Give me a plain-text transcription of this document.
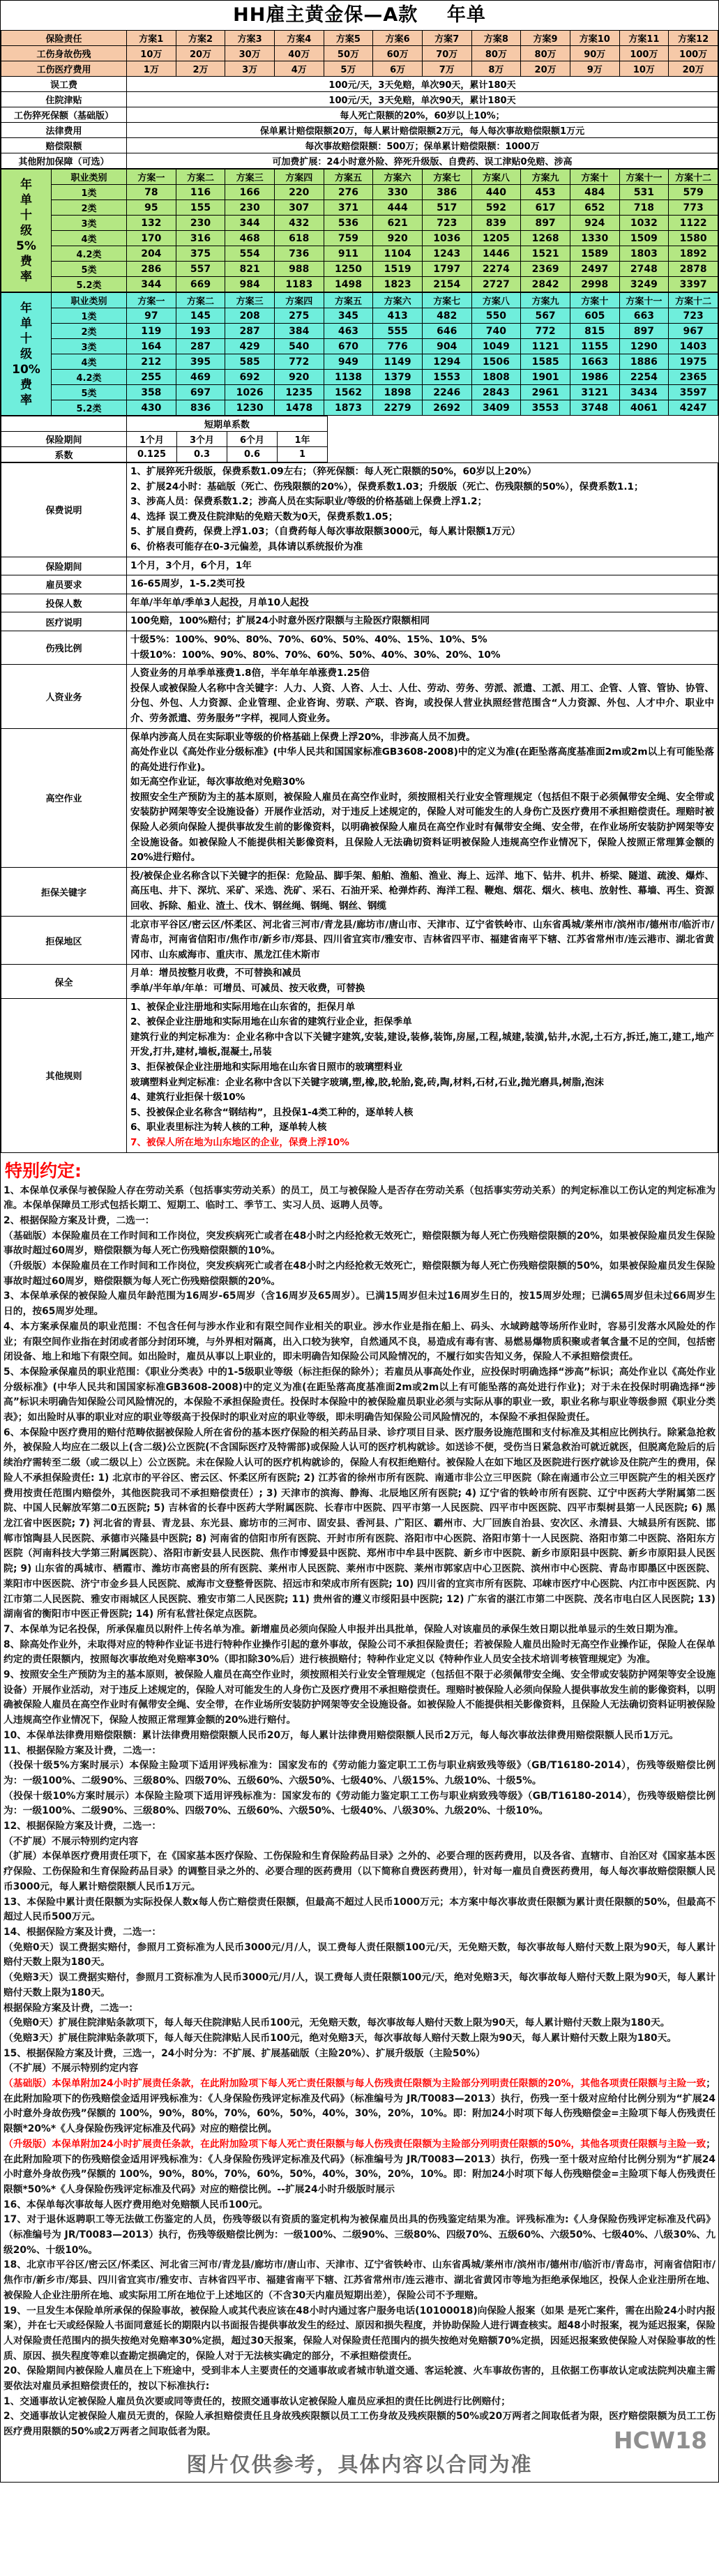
HH雇主黄金保—A款    年单
保险责任	方案1	方案2	方案3	方案4	方案5	方案6	方案7	方案8	方案9	方案10	方案11	方案12
工伤身故伤残	10万	20万	30万	40万	50万	60万	70万	80万	80万	90万	100万	100万
工伤医疗费用	1万	2万	3万	4万	5万	6万	7万	8万	20万	9万	10万	20万
误工费	100元/天，3天免赔，单次90天，累计180天											
住院津贴	100元/天，3天免赔，单次90天，累计180天											
工伤猝死保额（基础版）	每人死亡限额的20%，60岁以上10%；											
法律费用	保单累计赔偿限额20万，每人累计赔偿限额2万元，每人每次事故赔偿限额1万元											
赔偿限额	每次事故赔偿限额：500万；保单累计赔偿限额：1000万											
其他附加保障（可选）	可加费扩展：24小时意外险、猝死升级版、自费药、误工津贴0免赔、涉高											
年
单
十
级
5%
费
率
	职业类别	方案一	方案二	方案三	方案四	方案五	方案六	方案七	方案八	方案九	方案十	方案十一	方案十二
	1类	78	116	166	220	276	330	386	440	453	484	531	579
	2类	95	155	230	307	371	444	517	592	617	652	718	773
	3类	132	230	344	432	536	621	723	839	897	924	1032	1122
	4类	170	316	468	618	759	920	1036	1205	1268	1330	1509	1580
	4.2类	204	375	554	736	911	1104	1243	1446	1521	1589	1803	1892
	5类	286	557	821	988	1250	1519	1797	2274	2369	2497	2748	2878
	5.2类	344	669	984	1183	1498	1823	2154	2727	2842	2998	3249	3397
年
单
十
级
10%
费
率
	职业类别	方案一	方案二	方案三	方案四	方案五	方案六	方案七	方案八	方案九	方案十	方案十一	方案十二
	1类	97	145	208	275	345	413	482	550	567	605	663	723
	2类	119	193	287	384	463	555	646	740	772	815	897	967
	3类	164	287	429	540	670	776	904	1049	1121	1155	1290	1403
	4类	212	395	585	772	949	1149	1294	1506	1585	1663	1886	1975
	4.2类	255	469	692	920	1138	1379	1553	1808	1901	1986	2254	2365
	5类	358	697	1026	1235	1562	1898	2246	2843	2961	3121	3434	3597
	5.2类	430	836	1230	1478	1873	2279	2692	3409	3553	3748	4061	4247
	短期单系数			
保险期间	1个月	3个月	6个月	1年
系数	0.125	0.3	0.6	1
保费说明	
1、扩展猝死升级版，保费系数1.09左右；（猝死保额：每人死亡限额的50%，60岁以上20%）
2、扩展24小时：基础版（死亡、伤残限额的20%），保费系数1.03；升级版（死亡、伤残限额的50%），保费系数1.1；
3、涉高人员：保费系数1.2；涉高人员在实际职业/等级的价格基础上保费上浮1.2；
4、选择 误工费及住院津贴的免赔天数为0天，保费系数1.05；
5、扩展自费药，保费上浮1.03；（自费药每人每次事故限额3000元，每人累计限额1万元）
6、价格表可能存在0-3元偏差，具体请以系统报价为准

保险期间	1个月，3个月，6个月，1年

雇员要求	16-65周岁，1-5.2类可投

投保人数	年单/半年单/季单3人起投，月单10人起投

医疗说明	100免赔，100%赔付；扩展24小时意外医疗限额与主险医疗限额相同

伤残比例	十级5%：100%、90%、80%、70%、60%、50%、40%、15%、10%、5%
十级10%：100%、90%、80%、70%、60%、50%、40%、30%、20%、10%

人资业务	人资业务的月单季单涨费1.8倍，半年单年单涨费1.25倍
投保人或被保险人名称中含关键字：人力、人资、人咨、人士、人仕、劳动、劳务、劳派、派遣、工派、用工、企管、人管、管协、协管、分包、外包、人力资源、企业管理、企业咨询、劳联、产联、咨询，或投保人营业执照经营范围含“人力资源、外包、人才中介、职业中介、劳务派遣、劳务服务”字样，视同人资业务。

高空作业	保单内涉高人员在实际职业等级的价格基础上保费上浮20%，非涉高人员不加费。
高处作业以《高处作业分级标准》(中华人民共和国国家标准GB3608-2008)中的定义为准(在距坠落高度基准面2m或2m以上有可能坠落的高处进行作业)。
如无高空作业证，每次事故绝对免赔30%
按照安全生产预防为主的基本原则，被保险人雇员在高空作业时，须按照相关行业安全管理规定（包括但不限于必须佩带安全绳、安全带或安装防护网架等安全设施设备）开展作业活动，对于违反上述规定的，保险人对可能发生的人身伤亡及医疗费用不承担赔偿责任。理赔时被保险人必须向保险人提供事故发生前的影像资料，以明确被保险人雇员在高空作业时有佩带安全绳、安全带，在作业场所安装防护网架等安全设施设备。如被保险人不能提供相关影像资料，且保险人无法确切资料证明被保险人违规高空作业情况下，保险人按照正常理算金额的20%进行赔付。

拒保关键字	投/被保企业名称含以下关键字的拒保：危险品、脚手架、船舶、渔船、渔业、海上、远洋、地下、钻井、机井、桥梁、隧道、疏浚、爆炸、高压电、井下、深坑、采矿、采选、洗矿、采石、石油开采、枪弹炸药、海洋工程、鞭炮、烟花、烟火、核电、放射性、幕墙、再生、资源回收、拆除、船业、渣土、伐木、钢丝绳、钢绳、钢丝、钢缆

拒保地区	北京市平谷区/密云区/怀柔区、河北省三河市/青龙县/廊坊市/唐山市、天津市、辽宁省铁岭市、山东省禹城/莱州市/滨州市/德州市/临沂市/青岛市，河南省信阳市/焦作市/新乡市/郑县、四川省宜宾市/雅安市、吉林省四平市、福建省南平下辖、江苏省常州市/连云港市、湖北省黄冈市、山东威海市、重庆市、黑龙江佳木斯市

保全	月单：增员按整月收费，不可替换和减员
季单/半年单/年单：可增员、可减员、按天收费，可替换

其他规则	
1、被保企业注册地和实际用地在山东省的，拒保月单
2、被保企业注册地和实际用地在山东省的建筑行业企业，拒保季单
建筑行业的判定标准为：企业名称中含以下关键字建筑,安装,建设,装修,装饰,房屋,工程,城建,装潢,钻井,水泥,土石方,拆迁,施工,建工,地产开发,打井,建材,墙板,混凝土,吊装
3、拒保被保企业注册地和实际用地在山东省日照市的玻璃塑料业
玻璃塑料业判定标准：企业名称中含以下关键字玻璃,塑,橡,胶,轮胎,瓷,砖,陶,材料,石材,石业,抛光磨具,树脂,泡沫
4、建筑行业拒保十级10%
5、投被保企业名称含“钢结构”，且投保1-4类工种的，逐单转人核
6、职业表里标注为转人核的工种，逐单转人核
7、被保人所在地为山东地区的企业，保费上浮10%
特别约定:
1、本保单仅承保与被保险人存在劳动关系（包括事实劳动关系）的员工，员工与被保险人是否存在劳动关系（包括事实劳动关系）的判定标准以工伤认定的判定标准为准。本保单保障员工形式包括长期工、短期工、临时工、季节工、实习人员、返聘人员等。
2、根据保险方案及计费，二选一：
（基础版）本保险雇员在工作时间和工作岗位，突发疾病死亡或者在48小时之内经抢救无效死亡，赔偿限额为每人死亡伤残赔偿限额的20%，如果被保险雇员发生保险事故时超过60周岁，赔偿限额为每人死亡伤残赔偿限额的10%。
（升级版）本保险雇员在工作时间和工作岗位，突发疾病死亡或者在48小时之内经抢救无效死亡，赔偿限额为每人死亡伤残赔偿限额的50%，如果被保险雇员发生保险事故时超过60周岁，赔偿限额为每人死亡伤残赔偿限额的20%。
3、本保单承保的被保险人雇员年龄范围为16周岁-65周岁（含16周岁及65周岁）。已满15周岁但未过16周岁生日的，按15周岁处理；已满65周岁但未过66周岁生日的，按65周岁处理。
4、本方案承保雇员的职业范围：不包含任何与涉水作业和有限空间作业相关的职业。涉水作业是指在船上、码头、水域跨越等场所作业时，容易引发落水风险处的作业；有限空间作业指在封闭或者部分封闭环境，与外界相对隔离，出入口较为狭窄，自然通风不良，易造成有毒有害、易燃易爆物质积聚或者氧含量不足的空间，包括密闭设备、地上和地下有限空间。如出险时，雇员从事以上职业的，即未明确告知保险公司风险情况的，不履行如实告知义务，保险人不承担赔偿责任。
5、本保险承保雇员的职业范围：《职业分类表》中的1-5级职业等级（标注拒保的除外）；若雇员从事高处作业，应投保时明确选择“涉高”标识；高处作业以《高处作业分级标准》(中华人民共和国国家标准GB3608-2008)中的定义为准(在距坠落高度基准面2m或2m以上有可能坠落的高处进行作业)；对于未在投保时明确选择“涉高”标识未明确告知保险公司风险情况的，本保险不承担保险责任。投保时本保险中的被保险雇员职业必须与实际从事的职业一致，职业名称与职业等级参照《职业分类表》；如出险时从事的职业对应的职业等级高于投保时的职业对应的职业等级，即未明确告知保险公司风险情况的，本保险不承担保险责任。
6、本保险中医疗费用的赔付范畴依据被保险人所在省份的基本医疗保险的相关药品目录、诊疗项目目录、医疗服务设施范围和支付标准及其相应比例执行。除紧急抢救外，被保险人均应在二级以上(含二级)公立医院(不含国际医疗及特需部)或保险人认可的医疗机构就诊。如送诊不便，受伤当日紧急救治可就近就医，但脱离危险后的后续治疗需转至二级（或二级以上）公立医院。未在保险人认可的医疗机构就诊的，保险人有权拒绝赔付。被保险人在如下地区及医院进行医疗就诊及住院产生的费用，保险人不承担保险责任: 1) 北京市的平谷区、密云区、怀柔区所有医院; 2) 江苏省的徐州市所有医院、南通市非公立三甲医院（除在南通市公立三甲医院产生的相关医疗费用按责任范围内赔偿外，其他医院我司不承担赔偿责任）; 3) 天津市的滨海、静海、北辰地区所有医院; 4) 辽宁省的铁岭市所有医院、辽宁中医药大学附属第二医院、中国人民解放军第二0五医院; 5) 吉林省的长春中医药大学附属医院、长春市中医院、四平市第一人民医院、四平市中医医院、四平市梨树县第一人民医院; 6) 黑龙江省中医医院; 7) 河北省的青县、青龙县、东光县、廊坊市的三河市、固安县、香河县、广阳区、霸州市、大厂回族自治县、安次区、永清县、大城县所有医院、邯郸市馆陶县人民医院、承德市兴隆县中医院; 8) 河南省的信阳市所有医院、开封市所有医院、洛阳市中心医院、洛阳市第十一人民医院、洛阳市第二中医院、洛阳东方医院（河南科技大学第三附属医院）、洛阳市新安县人民医院、焦作市博爱县中医院、郑州市中牟县中医院、新乡市中医院、新乡市原阳县中医院、新乡市原阳县人民医院; 9) 山东省的禹城市、栖霞市、潍坊市高密县的所有医院、莱州市人民医院、莱州市中医院、莱州市郭家店中心卫医院、滨州市中心医院、青岛市即墨区中医医院、莱阳市中医医院、济宁市金乡县人民医院、威海市文登整骨医院、招远市和荣成市所有医院; 10) 四川省的宜宾市所有医院、邛崃市医疗中心医院、内江市中医医院、内江市第二人民医院、雅安市雨城区人民医院、雅安市第二人民医院; 11) 贵州省的遵义市绥阳县中医院; 12) 广东省的湛江市第二中医院、茂名市电白区人民医院; 13) 湖南省的衡阳市中医正骨医院; 14) 所有私营社保定点医院。
7、本保单为记名投保，所承保雇员以附件上传名单为准。新增雇员必须向保险人申报并出具批单，保险人对该雇员的承保生效日期以批单显示的生效日期为准。
8、除高处作业外，未取得对应的特种作业证书进行特种作业操作引起的意外事故，保险公司不承担保险责任；若被保险人雇员出险时无高空作业操作证，保险人在保单约定的责任限额内，按照每次事故绝对免赔率30%（即扣除30%后）进行核损赔付；特种作业定义以《特种作业人员安全技术培训考核管理规定》为准。
9、按照安全生产预防为主的基本原则，被保险人雇员在高空作业时，须按照相关行业安全管理规定（包括但不限于必须佩带安全绳、安全带或安装防护网架等安全设施设备）开展作业活动，对于违反上述规定的，保险人对可能发生的人身伤亡及医疗费用不承担赔偿责任。理赔时被保险人必须向保险人提供事故发生前的影像资料，以明确被保险人雇员在高空作业时有佩带安全绳、安全带，在作业场所安装防护网架等安全设施设备。如被保险人不能提供相关影像资料，且保险人无法确切资料证明被保险人违规高空作业情况下，保险人按照正常理算金额的20%进行赔付。
10、本保单法律费用赔偿限额：累计法律费用赔偿限额人民币20万，每人累计法律费用赔偿限额人民币2万元，每人每次事故法律费用赔偿限额人民币1万元。
11、根据保险方案及计费，二选一：
（投保十级5%方案时展示）本保险主险项下适用评残标准为：国家发布的《劳动能力鉴定职工工伤与职业病致残等级》（GB/T16180-2014），伤残等级赔偿比例为：一级100%、二级90%、三级80%、四级70%、五级60%、六级50%、七级40%、八级15%、九级10%、十级5%。
（投保十级10%方案时展示）本保险主险项下适用评残标准为：国家发布的《劳动能力鉴定职工工伤与职业病致残等级》（GB/T16180-2014），伤残等级赔偿比例为：一级100%、二级90%、三级80%、四级70%、五级60%、六级50%、七级40%、八级30%、九级20%、十级10%。
12、根据保险方案及计费，二选一：
（不扩展）不展示特别约定内容
（扩展）本保单医疗费用责任项下，在《国家基本医疗保险、工伤保险和生育保险药品目录》之外的、必要合理的医药费用，以及各省、直辖市、自治区对《国家基本医疗保险、工伤保险和生育保险药品目录》的调整目录之外的、必要合理的医药费用（以下简称自费医药费用），针对每一雇员自费医药费用，每人每次事故赔偿限额人民币3000元，每人累计赔偿限额人民币1万元。
13、本保险中累计责任限额为实际投保人数x每人伤亡赔偿责任限额，但最高不超过人民币1000万元；本方案中每次事故责任限额为累计责任限额的50%，但最高不超过人民币500万元。
14、根据保险方案及计费，二选一：
（免赔0天）误工费据实赔付，参照月工资标准为人民币3000元/月/人，误工费每人责任限额100元/天，无免赔天数，每次事故每人赔付天数上限为90天，每人累计赔付天数上限为180天。
（免赔3天）误工费据实赔付，参照月工资标准为人民币3000元/月/人，误工费每人责任限额100元/天，绝对免赔3天，每次事故每人赔付天数上限为90天，每人累计赔付天数上限为180天。
根据保险方案及计费，二选一：
（免赔0天）扩展住院津贴条款项下，每人每天住院津贴人民币100元，无免赔天数，每次事故每人赔付天数上限为90天，每人累计赔付天数上限为180天。
（免赔3天）扩展住院津贴条款项下，每人每天住院津贴人民币100元，绝对免赔3天，每次事故每人赔付天数上限为90天，每人累计赔付天数上限为180天。
15、根据保险方案及计费，三选一，24小时分为：不扩展、扩展基础版（主险20%）、扩展升级版（主险50%）
（不扩展）不展示特别约定内容
（基础版）本保单附加24小时扩展责任条款，在此附加险项下每人死亡责任限额与每人伤残责任限额为主险部分列明责任限额的20%，其他各项责任限额与主险一致；在此附加险项下的伤残赔偿金适用评残标准为：《人身保险伤残评定标准及代码》（标准编号为 JR/T0083—2013）执行，伤残一至十级对应给付比例分别为“扩展24小时意外身故伤残”保额的 100%，90%，80%，70%，60%，50%，40%，30%，20%，10%。即：附加24小时项下每人伤残赔偿金=主险项下每人伤残责任限额*20%*《人身保险伤残评定标准及代码》对应的赔偿比例。
（升级版）本保单附加24小时扩展责任条款，在此附加险项下每人死亡责任限额与每人伤残责任限额为主险部分列明责任限额的50%，其他各项责任限额与主险一致；在此附加险项下的伤残赔偿金适用评残标准为：《人身保险伤残评定标准及代码》（标准编号为 JR/T0083—2013）执行，伤残一至十级对应给付比例分别为“扩展24小时意外身故伤残”保额的 100%，90%，80%，70%，60%，50%，40%，30%，20%，10%。即：附加24小时项下每人伤残赔偿金=主险项下每人伤残责任限额*50%*《人身保险伤残评定标准及代码》对应的赔偿比例。--扩展24小时升级版时展示
16、本保单每次事故每人医疗费用绝对免赔额人民币100元。
17、对于退休返聘职工等无法做工伤鉴定的人员，伤残等级以有资质的鉴定机构为被保雇员出具的伤残鉴定结果为准。评残标准为:《人身保险伤残评定标准及代码》（标准编号为 JR/T0083—2013）执行，伤残等级赔偿比例为：一级100%、二级90%、三级80%、四级70%、五级60%、六级50%、七级40%、八级30%、九级20%、十级10%。
18、北京市平谷区/密云区/怀柔区、河北省三河市/青龙县/廊坊市/唐山市、天津市、辽宁省铁岭市、山东省禹城/莱州市/滨州市/德州市/临沂市/青岛市，河南省信阳市/焦作市/新乡市/郑县、四川省宜宾市/雅安市、吉林省四平市、福建省南平下辖、江苏省常州市/连云港市、湖北省黄冈市等地为拒绝承保地区，投保人企业注册所在地、被保险人企业注册所在地、或实际用工所在地位于上述地区的（不含30天内雇员短期出差），保险公司不予理赔。
19、一旦发生本保险单所承保的保险事故，被保险人或其代表应该在48小时内通过客户服务电话(10100018)向保险人报案（如果 是死亡案件，需在出险24小时内报案），并在七天或经保险人书面同意延长的期限内以书面报告提供事故发生的经过、原因和损失程度，并协助保险人进行调查核实。超48小时报案，视为延迟报案，保险人对保险责任范围内的损失按绝对免赔率30%定损，超过30天报案，保险人对保险责任范围内的损失按绝对免赔额70%定损，因延迟报案致使保险人对保险事故的性质、原因、损失程度等难以查勘定损确定的，保险人对于无法核实确定的部分，不承担赔偿责任。
20、保险期间内被保险人雇员在上下班途中，受到非本人主要责任的交通事故或者城市轨道交通、客运轮渡、火车事故伤害的，且依据工伤事故认定或法院判决雇主需要依法对雇员承担赔偿责任的，按以下标准执行:
1、交通事故认定被保险人雇员负次要或同等责任的，按照交通事故认定被保险人雇员应承担的责任比例进行比例赔付；
2、交通事故认定被保险人雇员无责的，保险人承担赔偿责任且身故残疾限额以员工工伤身故及残疾限额的50%或20万两者之间取低者为限，医疗赔偿限额为员工工伤医疗费用限额的50%或2万两者之间取低者为限。
图片仅供参考，具体内容以合同为准
HCW18
